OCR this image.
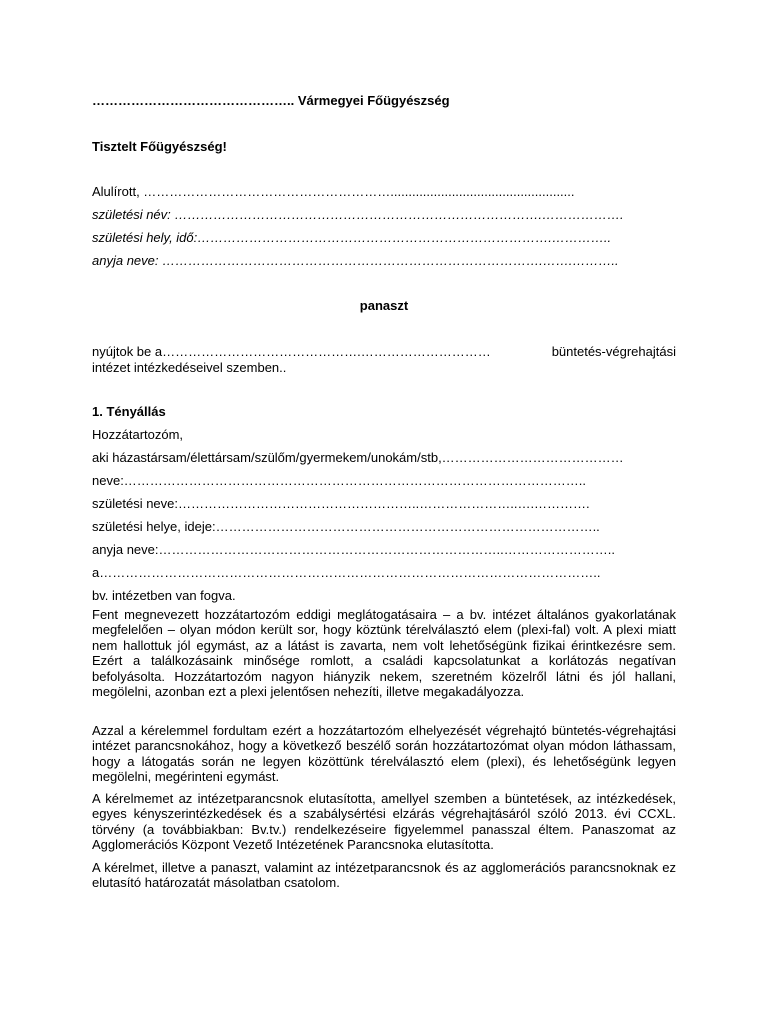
……………………………………….. Vármegyei Főügyészség
Tisztelt Főügyészség!
Alulírott, …………………………………………………...................................................
születési név: ………………………………………………………………………….……………….
születési hely, idő:……………………………………………………………………….…………..
anyja neve: …………………………………………………………………………….…….………..
panaszt
nyújtok be a……………………………………….…………………………	büntetés-végrehajtási
intézet intézkedéseivel szemben..
1. Tényállás
Hozzátartozóm,
aki házastársam/élettársam/szülőm/gyermekem/unokám/stb,……………………………………
neve:……………………………………………………………………………………………..
születési neve:………………………………………………..…………………..….………….
születési helye, ideje:……………………………………………………………………………..
anyja neve:……………………………………………………………………..……………………..
a……………………………………………………………………………………………………..
bv. intézetben van fogva.
Fent megnevezett hozzátartozóm eddigi meglátogatásaira – a bv. intézet általános gyakorlatának megfelelően – olyan módon került sor, hogy köztünk térelválasztó elem (plexi-fal) volt. A plexi miatt nem hallottuk jól egymást, az a látást is zavarta, nem volt lehetőségünk fizikai érintkezésre sem. Ezért a találkozásaink minősége romlott, a családi kapcsolatunkat a korlátozás negatívan befolyásolta. Hozzátartozóm nagyon hiányzik nekem, szeretném közelről látni és jól hallani, megölelni, azonban ezt a plexi jelentősen nehezíti, illetve megakadályozza.
Azzal a kérelemmel fordultam ezért a hozzátartozóm elhelyezését végrehajtó büntetés-végrehajtási intézet parancsnokához, hogy a következő beszélő során hozzátartozómat olyan módon láthassam, hogy a látogatás során ne legyen közöttünk térelválasztó elem (plexi), és lehetőségünk legyen megölelni, megérinteni egymást.
A kérelmemet az intézetparancsnok elutasította, amellyel szemben a büntetések, az intézkedések, egyes kényszerintézkedések és a szabálysértési elzárás végrehajtásáról szóló 2013. évi CCXL. törvény (a továbbiakban: Bv.tv.) rendelkezéseire figyelemmel panasszal éltem. Panaszomat az Agglomerációs Központ Vezető Intézetének Parancsnoka elutasította.
A kérelmet, illetve a panaszt, valamint az intézetparancsnok és az agglomerációs parancsnoknak ez elutasító határozatát másolatban csatolom.
